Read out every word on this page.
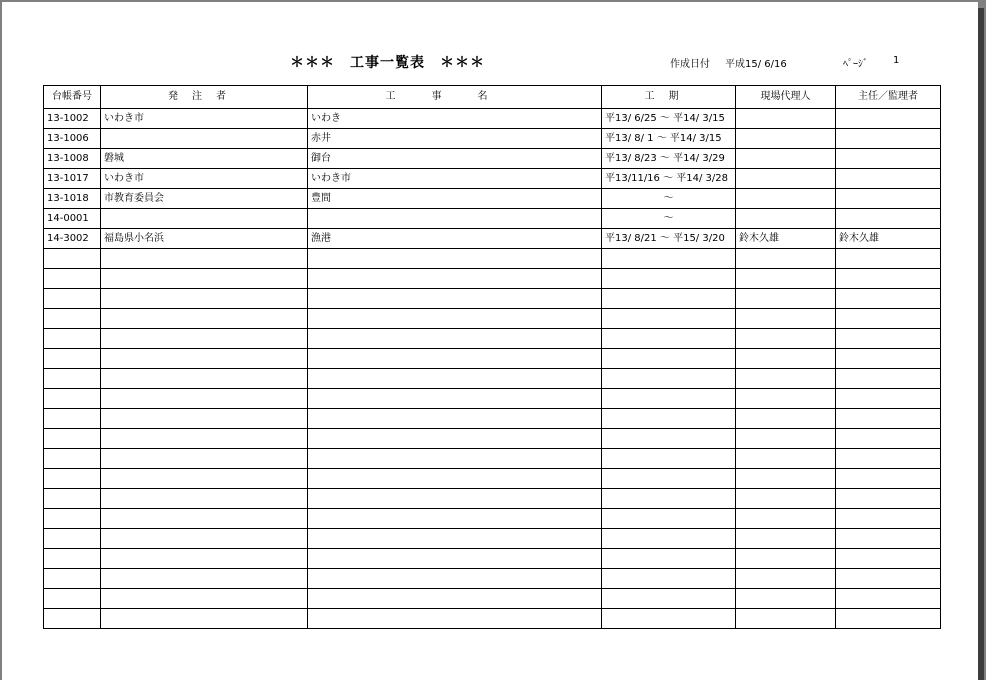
＊＊＊　工事一覧表　＊＊＊	作成日付 平成15/ 6/16	ﾍﾟｰｼﾞ	1
台帳番号	発注者	工事名	工期	現場代理人	主任／監理者
13-1002	いわき市	いわき	平13/ 6/25 ～ 平14/ 3/15		
13-1006		赤井	平13/ 8/ 1 ～ 平14/ 3/15		
13-1008	磐城	御台	平13/ 8/23 ～ 平14/ 3/29		
13-1017	いわき市	いわき市	平13/11/16 ～ 平14/ 3/28		
13-1018	市教育委員会	豊間	～		
14-0001			～		
14-3002	福島県小名浜	漁港	平13/ 8/21 ～ 平15/ 3/20	鈴木久雄	鈴木久雄
